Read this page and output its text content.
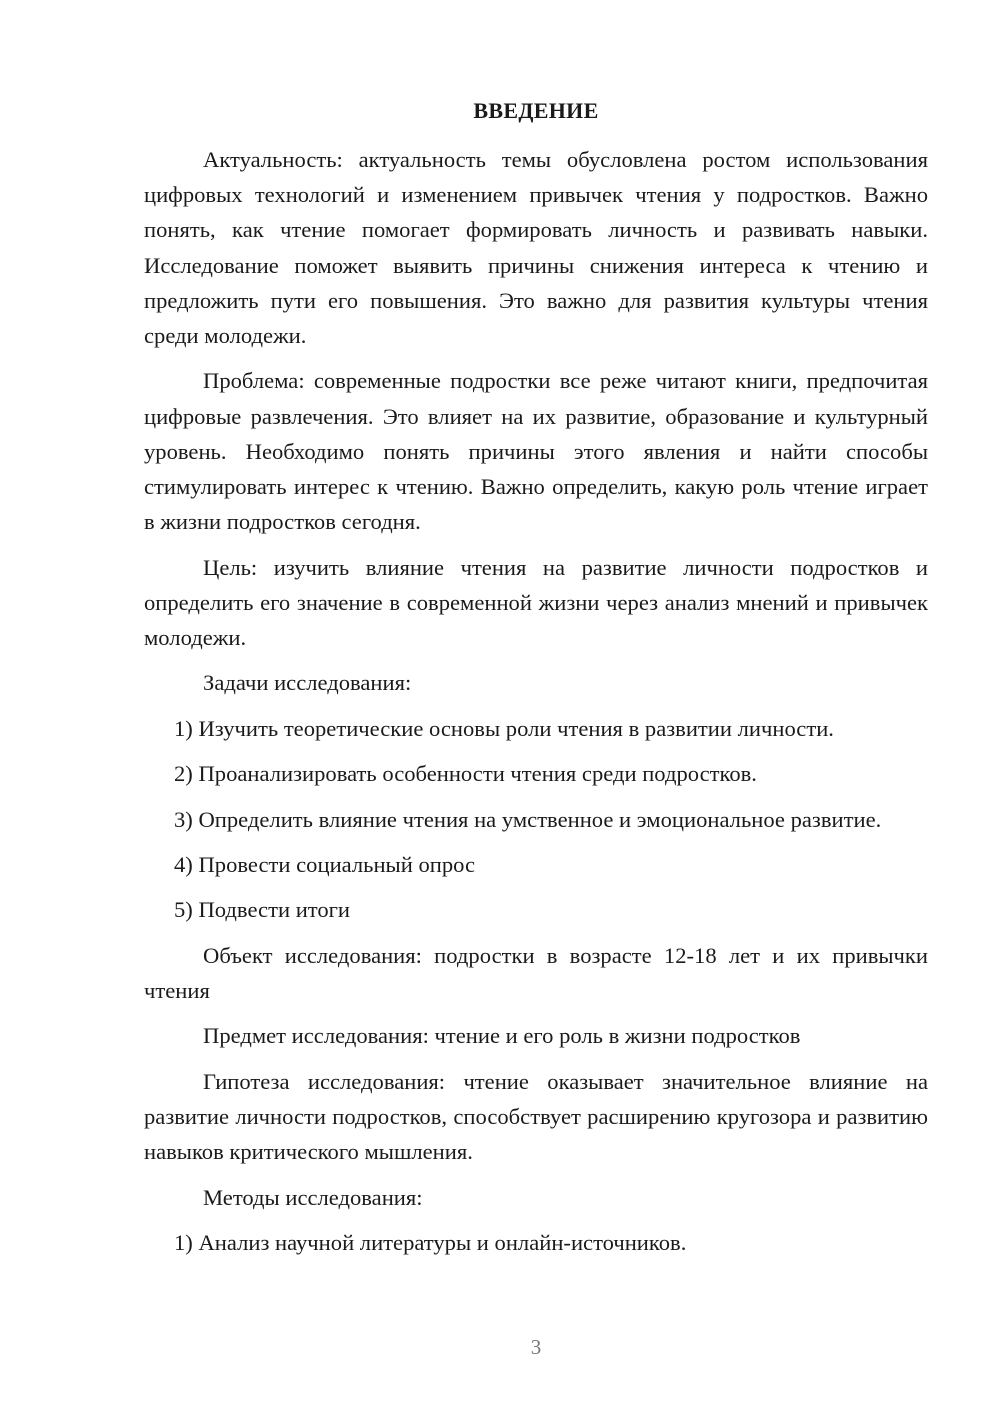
ВВЕДЕНИЕ

Актуальность: актуальность темы обусловлена ростом использования цифровых технологий и изменением привычек чтения у подростков. Важно понять, как чтение помогает формировать личность и развивать навыки. Исследование поможет выявить причины снижения интереса к чтению и предложить пути его повышения. Это важно для развития культуры чтения среди молодежи.

Проблема: современные подростки все реже читают книги, предпочитая цифровые развлечения. Это влияет на их развитие, образование и культурный уровень. Необходимо понять причины этого явления и найти способы стимулировать интерес к чтению. Важно определить, какую роль чтение играет в жизни подростков сегодня.

Цель: изучить влияние чтения на развитие личности подростков и определить его значение в современной жизни через анализ мнений и привычек молодежи.

Задачи исследования:

1) Изучить теоретические основы роли чтения в развитии личности.

2) Проанализировать особенности чтения среди подростков.

3) Определить влияние чтения на умственное и эмоциональное развитие.

4) Провести социальный опрос

5) Подвести итоги

Объект исследования: подростки в возрасте 12-18 лет и их привычки чтения

Предмет исследования: чтение и его роль в жизни подростков

Гипотеза исследования: чтение оказывает значительное влияние на развитие личности подростков, способствует расширению кругозора и развитию навыков критического мышления.

Методы исследования:

1) Анализ научной литературы и онлайн-источников.

3
